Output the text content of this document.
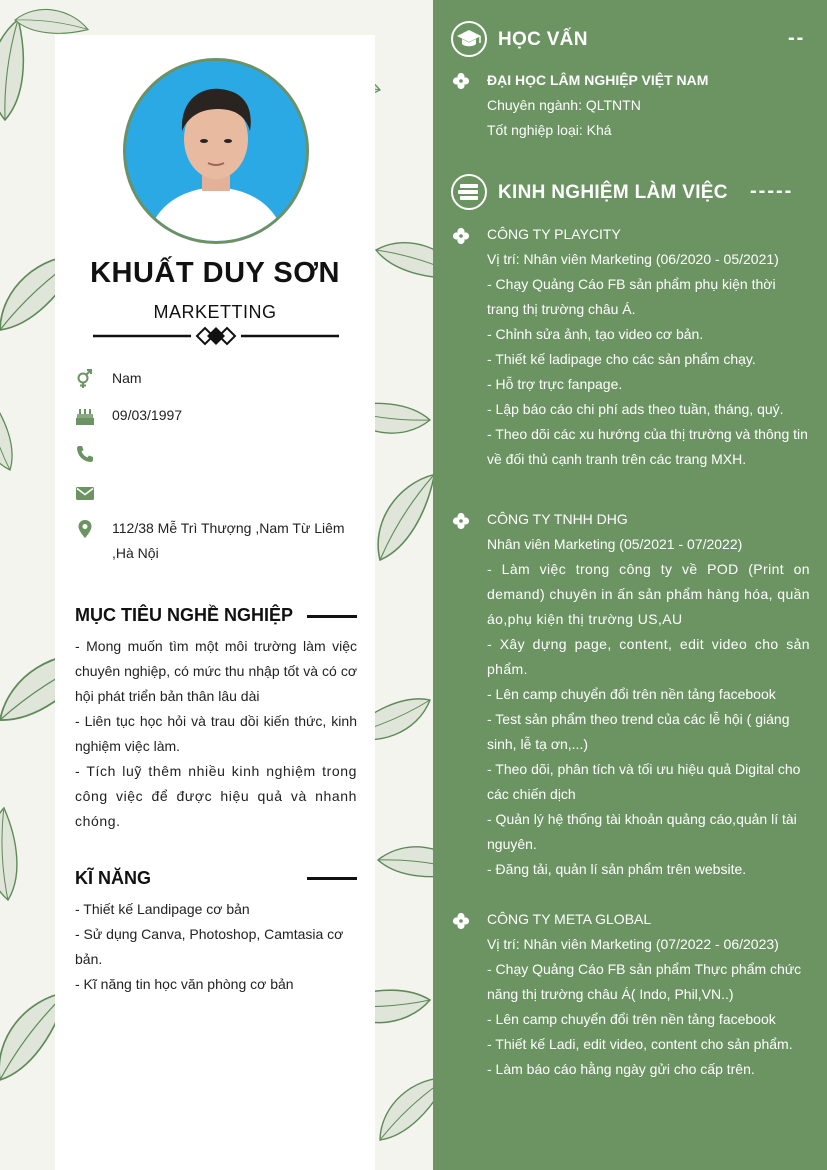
KHUẤT DUY SƠN
MARKETTING
Nam
09/03/1997
112/38 Mễ Trì Thượng ,Nam Từ Liêm ,Hà Nội
MỤC TIÊU NGHỀ NGHIỆP

- Mong muốn tìm một môi trường làm việc chuyên nghiệp, có mức thu nhập tốt và có cơ hội phát triển bản thân lâu dài

- Liên tục học hỏi và trau dồi kiến thức, kinh nghiệm việc làm.

- Tích luỹ thêm nhiều kinh nghiệm trong công việc để được hiệu quả và nhanh chóng.

KĨ NĂNG

- Thiết kế Landipage cơ bản

- Sử dụng Canva, Photoshop, Camtasia cơ bản.

- Kĩ năng tin học văn phòng cơ bản

HỌC VẤN	--

ĐẠI HỌC LÂM NGHIỆP VIỆT NAM

Chuyên ngành: QLTNTN

Tốt nghiệp loại: Khá

KINH NGHIỆM LÀM VIỆC -----

CÔNG TY PLAYCITY

Vị trí: Nhân viên Marketing (06/2020 - 05/2021)

- Chạy Quảng Cáo FB sản phẩm phụ kiện thời trang thị trường châu Á.

- Chỉnh sửa ảnh, tạo video cơ bản.

- Thiết kế ladipage cho các sản phẩm chạy.

- Hỗ trợ trực fanpage.

- Lập báo cáo chi phí ads theo tuần, tháng, quý.

- Theo dõi các xu hướng của thị trường và thông tin về đối thủ cạnh tranh trên các trang MXH.

CÔNG TY TNHH DHG

Nhân viên Marketing (05/2021 - 07/2022)

- Làm việc trong công ty về POD (Print on demand) chuyên in ấn sản phẩm hàng hóa, quần áo,phụ kiện thị trường US,AU

- Xây dựng page, content, edit video cho sản phẩm.

- Lên camp chuyển đổi trên nền tảng facebook

- Test sản phẩm theo trend của các lễ hội ( giáng sinh, lễ tạ ơn,...)

- Theo dõi, phân tích và tối ưu hiệu quả Digital cho các chiến dịch

- Quản lý hệ thống tài khoản quảng cáo,quản lí tài nguyên.

- Đăng tải, quản lí sản phẩm trên website.

CÔNG TY META GLOBAL

Vị trí: Nhân viên Marketing (07/2022 - 06/2023)

- Chạy Quảng Cáo FB sản phẩm Thực phẩm chức năng thị trường châu Á( Indo, Phil,VN..)

- Lên camp chuyển đổi trên nền tảng facebook

- Thiết kế Ladi, edit video, content cho sản phẩm.

- Làm báo cáo hằng ngày gửi cho cấp trên.
